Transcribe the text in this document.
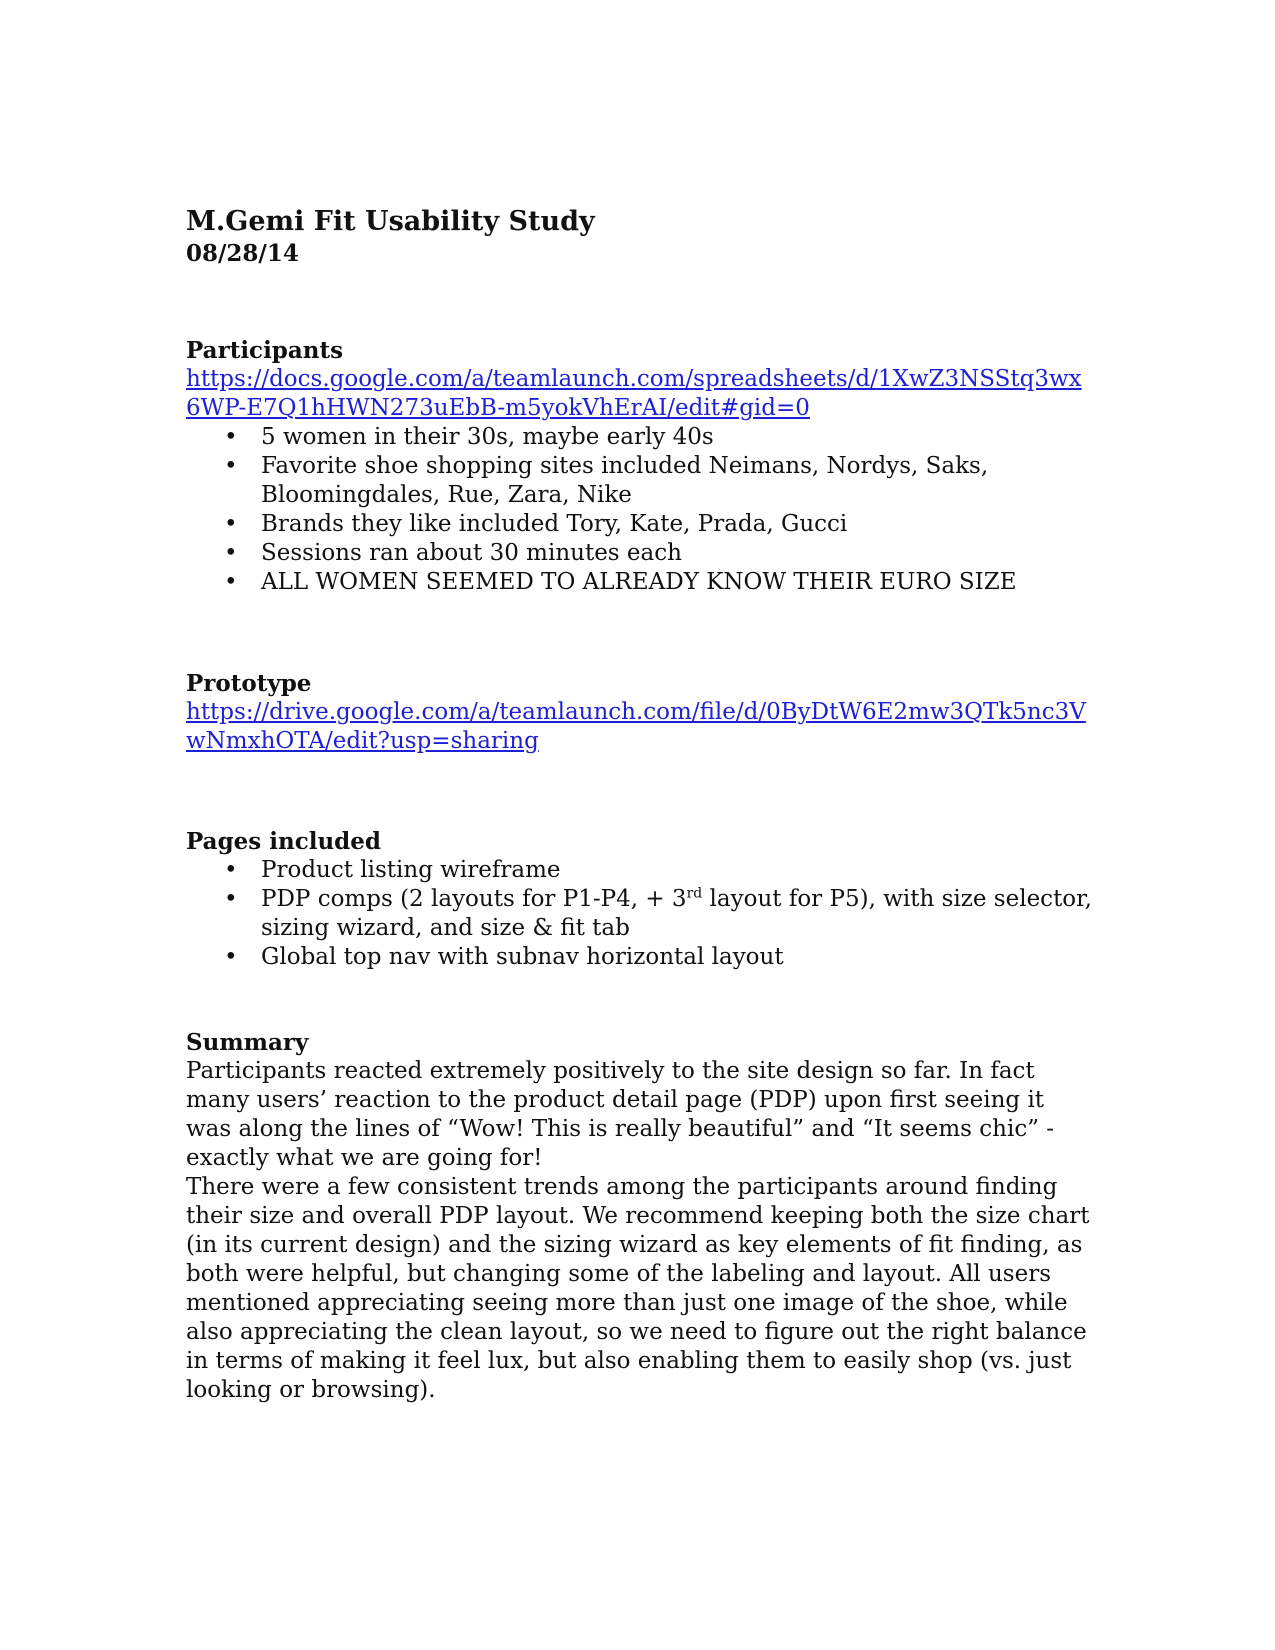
M.Gemi Fit Usability Study
08/28/14
Participants
https://docs.google.com/a/teamlaunch.com/spreadsheets/d/1XwZ3NSStq3wx6WP-E7Q1hHWN273uEbB-m5yokVhErAI/edit#gid=0
• 5 women in their 30s, maybe early 40s
• Favorite shoe shopping sites included Neimans, Nordys, Saks, Bloomingdales, Rue, Zara, Nike
• Brands they like included Tory, Kate, Prada, Gucci
• Sessions ran about 30 minutes each
• ALL WOMEN SEEMED TO ALREADY KNOW THEIR EURO SIZE
Prototype
https://drive.google.com/a/teamlaunch.com/file/d/0ByDtW6E2mw3QTk5nc3VwNmxhOTA/edit?usp=sharing
Pages included
• Product listing wireframe
• PDP comps (2 layouts for P1-P4, + 3rd layout for P5), with size selector, sizing wizard, and size & fit tab
• Global top nav with subnav horizontal layout
Summary

Participants reacted extremely positively to the site design so far. In fact many users’ reaction to the product detail page (PDP) upon first seeing it was along the lines of “Wow! This is really beautiful” and “It seems chic” - exactly what we are going for!

There were a few consistent trends among the participants around finding their size and overall PDP layout. We recommend keeping both the size chart (in its current design) and the sizing wizard as key elements of fit finding, as both were helpful, but changing some of the labeling and layout. All users mentioned appreciating seeing more than just one image of the shoe, while also appreciating the clean layout, so we need to figure out the right balance in terms of making it feel lux, but also enabling them to easily shop (vs. just looking or browsing).
